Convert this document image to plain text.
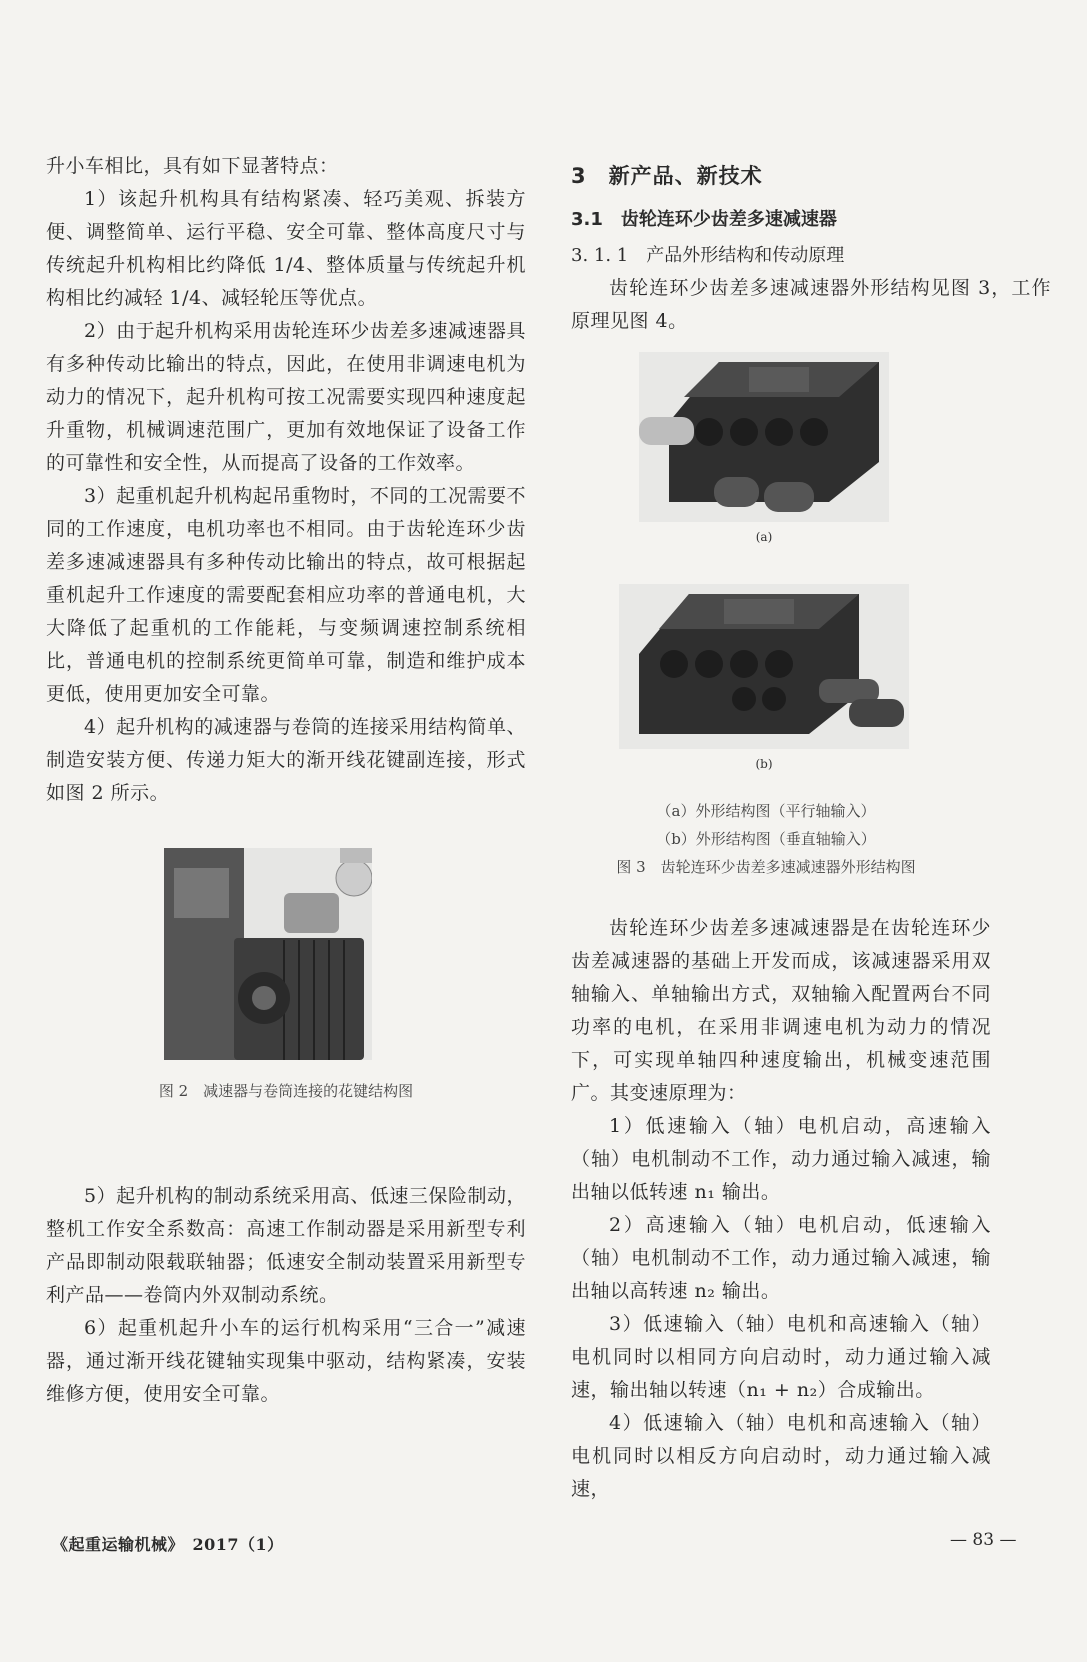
升小车相比，具有如下显著特点：

1）该起升机构具有结构紧凑、轻巧美观、拆装方便、调整简单、运行平稳、安全可靠、整体高度尺寸与传统起升机构相比约降低 1/4、整体质量与传统起升机构相比约减轻 1/4、减轻轮压等优点。

2）由于起升机构采用齿轮连环少齿差多速减速器具有多种传动比输出的特点，因此，在使用非调速电机为动力的情况下，起升机构可按工况需要实现四种速度起升重物，机械调速范围广，更加有效地保证了设备工作的可靠性和安全性，从而提高了设备的工作效率。

3）起重机起升机构起吊重物时，不同的工况需要不同的工作速度，电机功率也不相同。由于齿轮连环少齿差多速减速器具有多种传动比输出的特点，故可根据起重机起升工作速度的需要配套相应功率的普通电机，大大降低了起重机的工作能耗，与变频调速控制系统相比，普通电机的控制系统更简单可靠，制造和维护成本更低，使用更加安全可靠。

4）起升机构的减速器与卷筒的连接采用结构简单、制造安装方便、传递力矩大的渐开线花键副连接，形式如图 2 所示。

图 2　减速器与卷筒连接的花键结构图

5）起升机构的制动系统采用高、低速三保险制动，整机工作安全系数高：高速工作制动器是采用新型专利产品即制动限载联轴器；低速安全制动装置采用新型专利产品——卷筒内外双制动系统。

6）起重机起升小车的运行机构采用“三合一”减速器，通过渐开线花键轴实现集中驱动，结构紧凑，安装维修方便，使用安全可靠。

3　新产品、新技术
3.1　齿轮连环少齿差多速减速器
3. 1. 1　产品外形结构和传动原理

齿轮连环少齿差多速减速器外形结构见图 3，工作原理见图 4。

(a)
(b)
（a）外形结构图（平行轴输入）
（b）外形结构图（垂直轴输入）
图 3　齿轮连环少齿差多速减速器外形结构图

齿轮连环少齿差多速减速器是在齿轮连环少齿差减速器的基础上开发而成，该减速器采用双轴输入、单轴输出方式，双轴输入配置两台不同功率的电机，在采用非调速电机为动力的情况下，可实现单轴四种速度输出，机械变速范围广。其变速原理为：

1）低速输入（轴）电机启动，高速输入（轴）电机制动不工作，动力通过输入减速，输出轴以低转速 n₁ 输出。

2）高速输入（轴）电机启动，低速输入（轴）电机制动不工作，动力通过输入减速，输出轴以高转速 n₂ 输出。

3）低速输入（轴）电机和高速输入（轴）电机同时以相同方向启动时，动力通过输入减速，输出轴以转速（n₁ + n₂）合成输出。

4）低速输入（轴）电机和高速输入（轴）电机同时以相反方向启动时，动力通过输入减速，

《起重运输机械》　2017（1）	— 83 —
